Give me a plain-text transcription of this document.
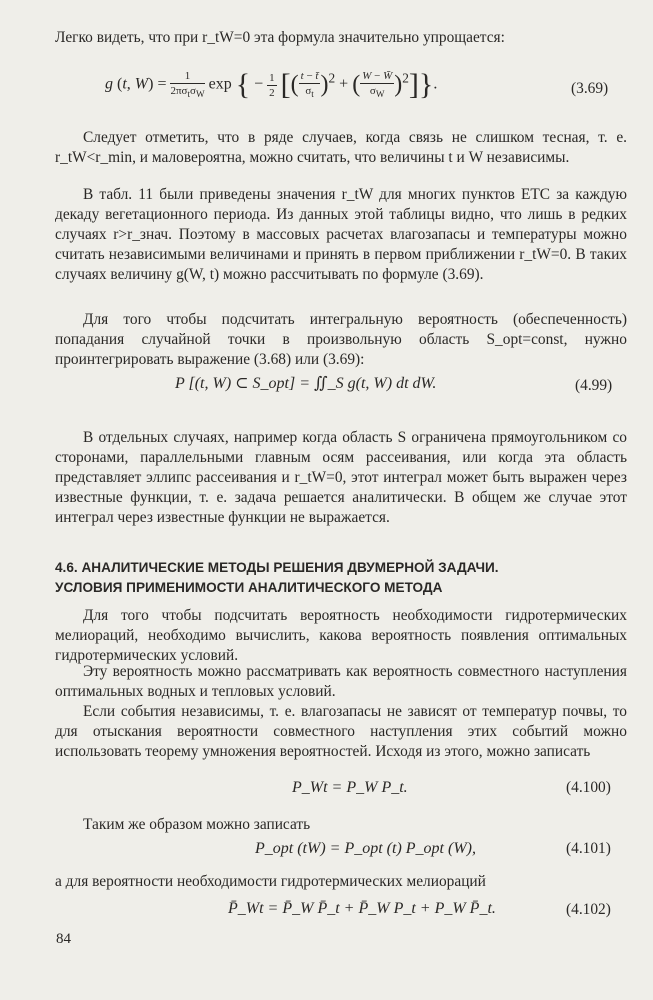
Легко видеть, что при r_tW=0 эта формула значительно упрощается:
g (t, $W) = \frac{1}{2\pi\sigma_t\sigma_W}$ exp { − $\frac{1}{2}$ [( $\frac{t - t̄}{\sigma_t} )^2$ + ( $\frac{W - W̄}{\sigma_W} )^2$]}.	(3.69)
Следует отметить, что в ряде случаев, когда связь не слишком тесная, т. е. r_tW<r_min, и маловероятна, можно считать, что величины t и W независимы.
В табл. 11 были приведены значения r_tW для многих пунктов ЕТС за каждую декаду вегетационного периода. Из данных этой таблицы видно, что лишь в редких случаях r>r_знач. Поэтому в массовых расчетах влагозапасы и температуры можно считать независимыми величинами и принять в первом приближении r_tW=0. В таких случаях величину g(W, t) можно рассчитывать по формуле (3.69).
Для того чтобы подсчитать интегральную вероятность (обеспеченность) попадания случайной точки в произвольную область S_opt=const, нужно проинтегрировать выражение (3.68) или (3.69):
P [(t, W) ⊂ S_opt] = ∬_S g(t, W) dt dW.	(4.99)
В отдельных случаях, например когда область S ограничена прямоугольником со сторонами, параллельными главным осям рассеивания, или когда эта область представляет эллипс рассеивания и r_tW=0, этот интеграл может быть выражен через известные функции, т. е. задача решается аналитически. В общем же случае этот интеграл через известные функции не выражается.
4.6. АНАЛИТИЧЕСКИЕ МЕТОДЫ РЕШЕНИЯ ДВУМЕРНОЙ ЗАДАЧИ.
УСЛОВИЯ ПРИМЕНИМОСТИ АНАЛИТИЧЕСКОГО МЕТОДА
Для того чтобы подсчитать вероятность необходимости гидротермических мелиораций, необходимо вычислить, какова вероятность появления оптимальных гидротермических условий.
Эту вероятность можно рассматривать как вероятность совместного наступления оптимальных водных и тепловых условий.
Если события независимы, т. е. влагозапасы не зависят от температур почвы, то для отыскания вероятности совместного наступления этих событий можно использовать теорему умножения вероятностей. Исходя из этого, можно записать
P_Wt = P_W P_t.	(4.100)
Таким же образом можно записать
P_opt (tW) = P_opt (t) P_opt (W),	(4.101)
а для вероятности необходимости гидротермических мелиораций
P̄_Wt = P̄_W P̄_t + P̄_W P_t + P_W P̄_t.	(4.102)
84
